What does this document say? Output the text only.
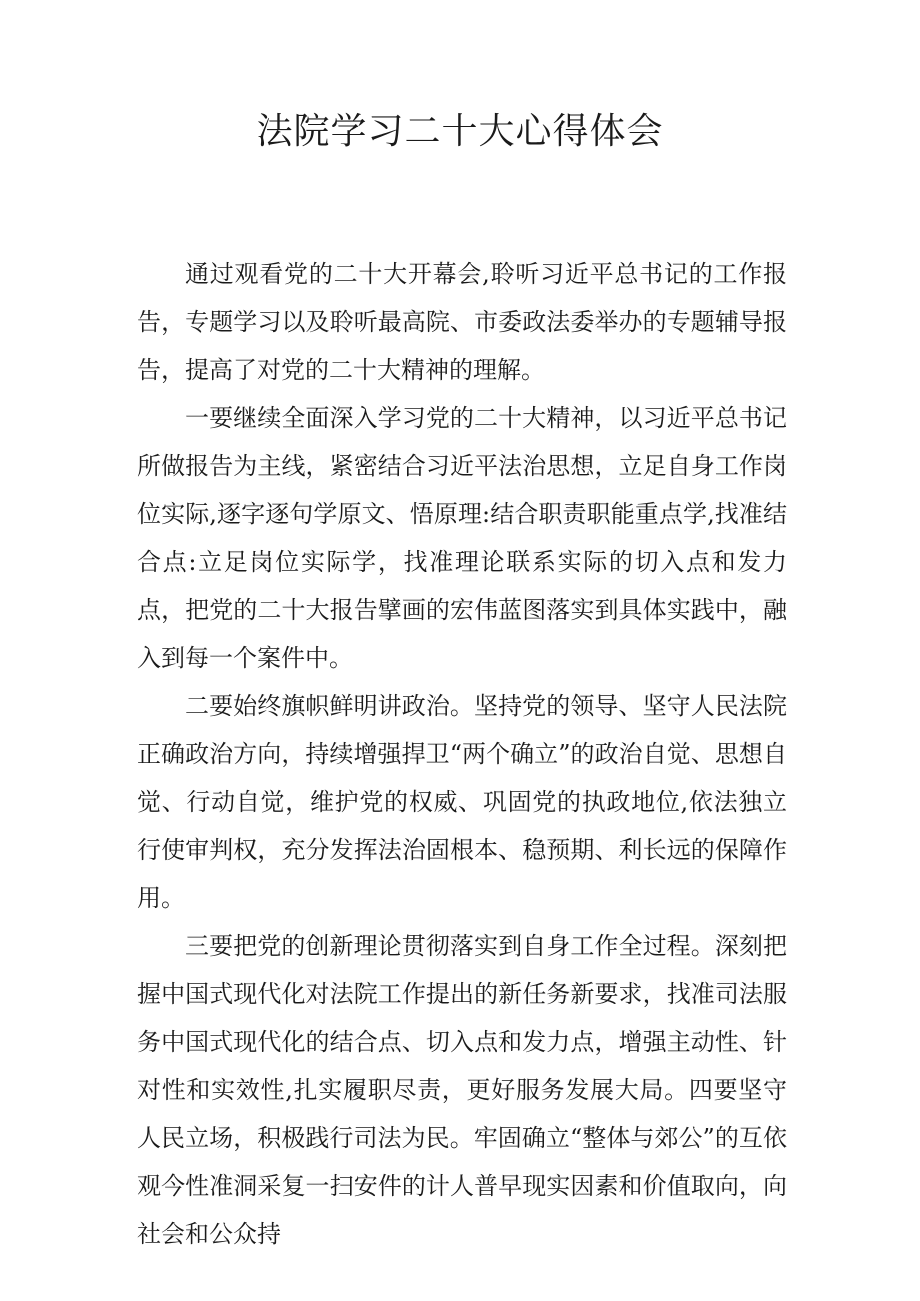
法院学习二十大心得体会

通过观看党的二十大开幕会,聆听习近平总书记的工作报告，专题学习以及聆听最高院、市委政法委举办的专题辅导报告，提高了对党的二十大精神的理解。

一要继续全面深入学习党的二十大精神，以习近平总书记所做报告为主线，紧密结合习近平法治思想，立足自身工作岗位实际,逐字逐句学原文、悟原理:结合职责职能重点学,找准结合点:立足岗位实际学，找准理论联系实际的切入点和发力点，把党的二十大报告擘画的宏伟蓝图落实到具体实践中，融入到每一个案件中。

二要始终旗帜鲜明讲政治。坚持党的领导、坚守人民法院正确政治方向，持续增强捍卫“两个确立”的政治自觉、思想自觉、行动自觉，维护党的权威、巩固党的执政地位,依法独立行使审判权，充分发挥法治固根本、稳预期、利长远的保障作用。

三要把党的创新理论贯彻落实到自身工作全过程。深刻把握中国式现代化对法院工作提出的新任务新要求，找准司法服务中国式现代化的结合点、切入点和发力点，增强主动性、针对性和实效性,扎实履职尽责，更好服务发展大局。四要坚守人民立场，积极践行司法为民。牢固确立“整体与郊公”的互依观今性准洞采复一扫安件的计人普早现实因素和价值取向，向社会和公众持
